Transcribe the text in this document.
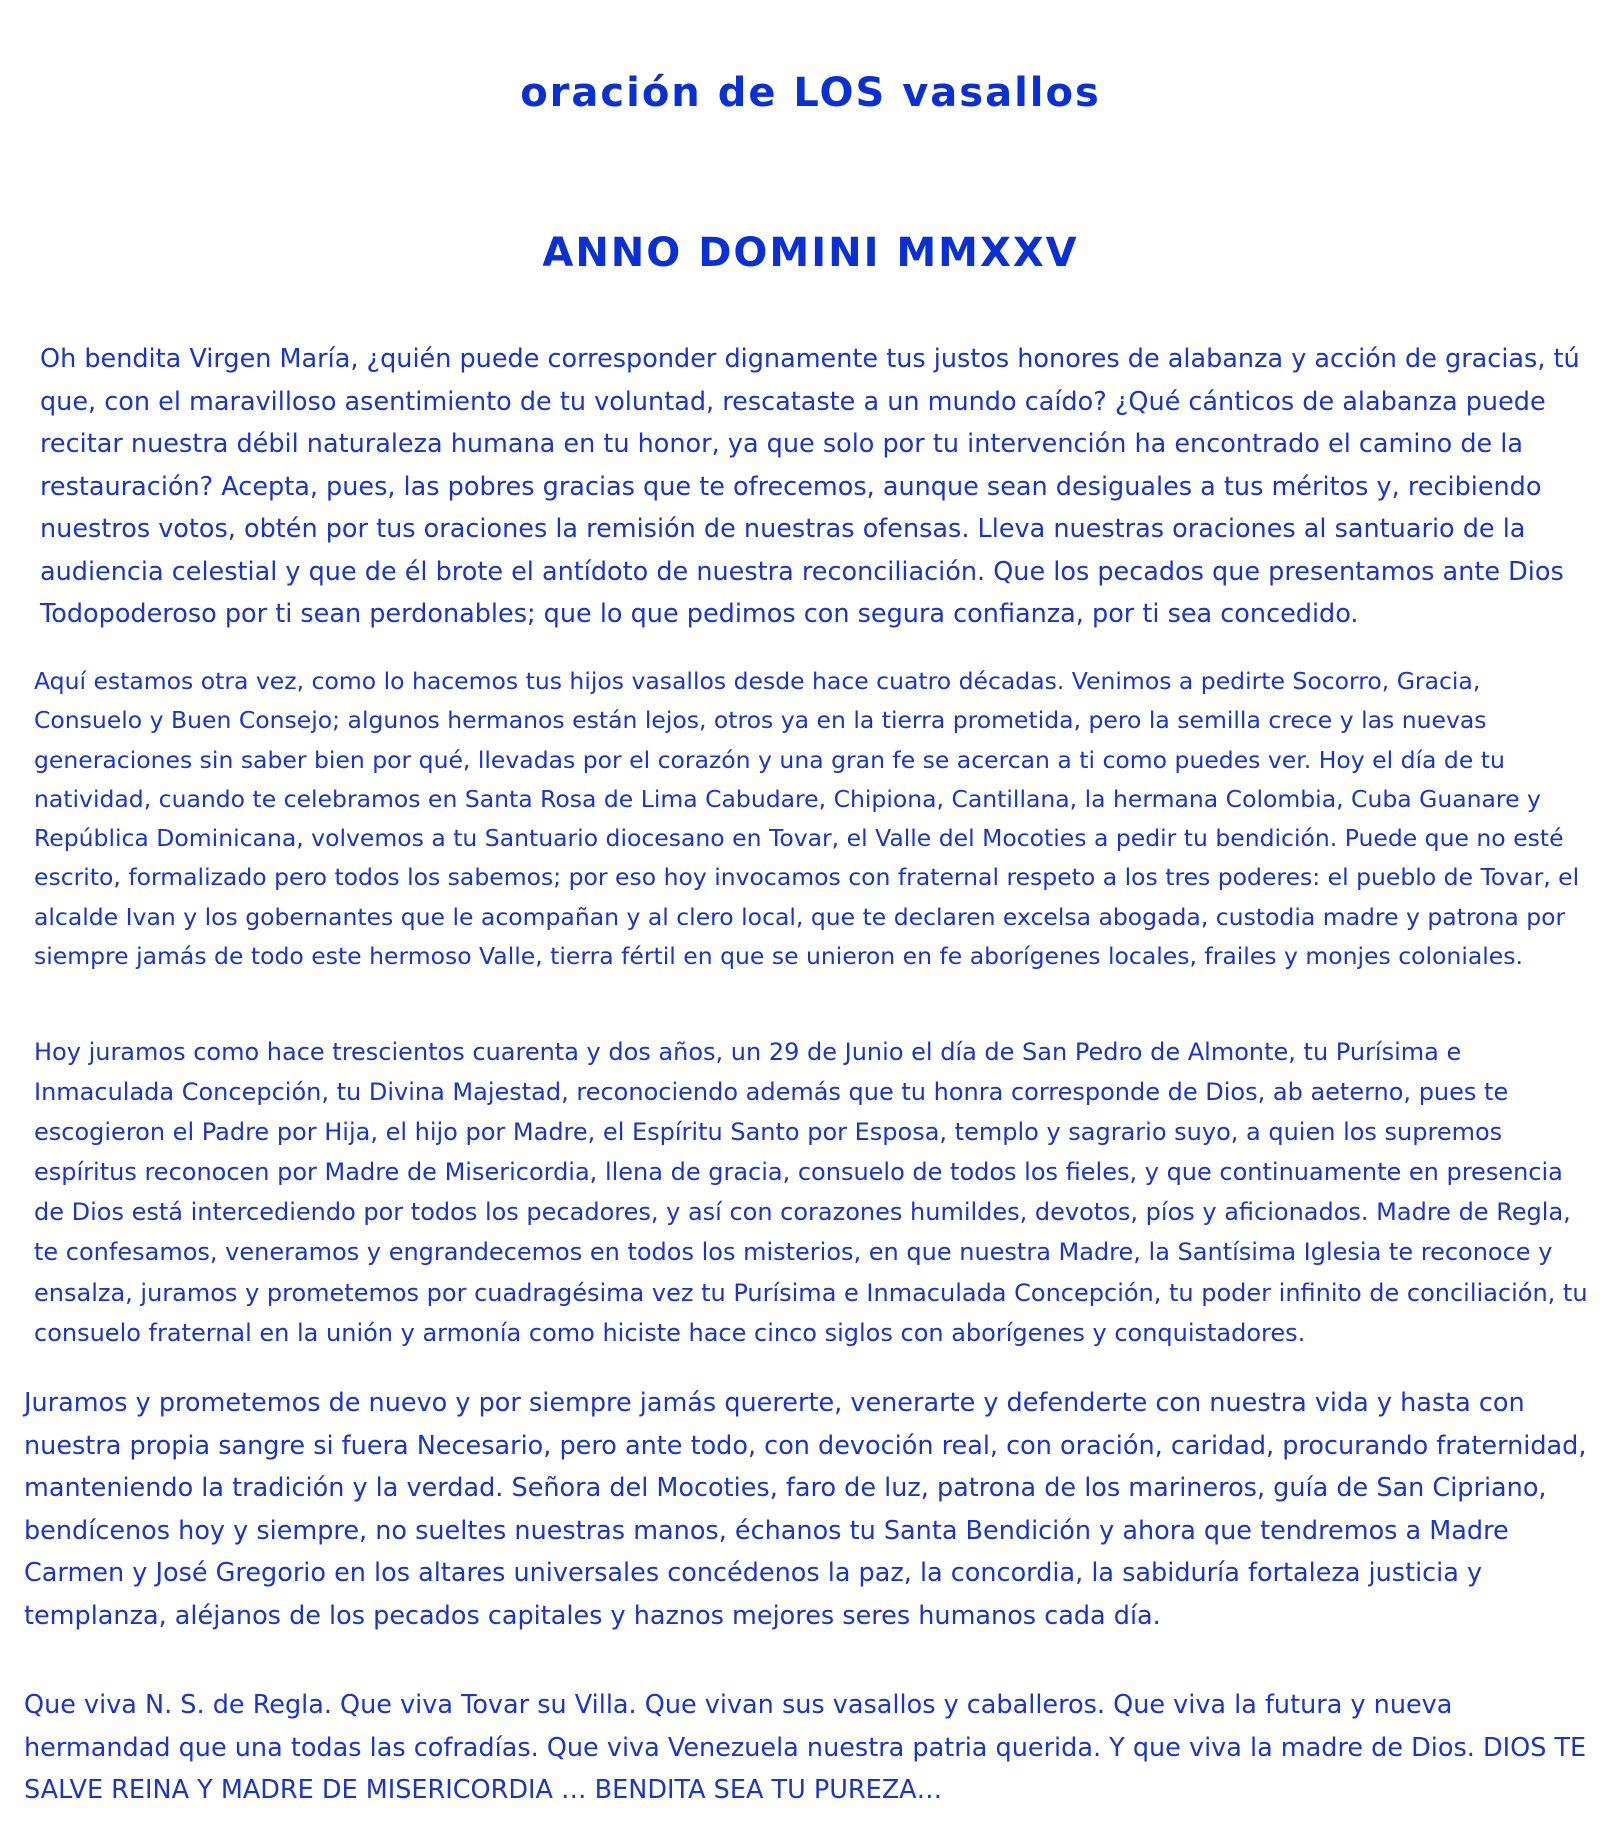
oración de LOS vasallos
ANNO DOMINI MMXXV

Oh bendita Virgen María, ¿quién puede corresponder dignamente tus justos honores de alabanza y acción de gracias, tú que, con el maravilloso asentimiento de tu voluntad, rescataste a un mundo caído? ¿Qué cánticos de alabanza puede recitar nuestra débil naturaleza humana en tu honor, ya que solo por tu intervención ha encontrado el camino de la restauración? Acepta, pues, las pobres gracias que te ofrecemos, aunque sean desiguales a tus méritos y, recibiendo nuestros votos, obtén por tus oraciones la remisión de nuestras ofensas. Lleva nuestras oraciones al santuario de la audiencia celestial y que de él brote el antídoto de nuestra reconciliación. Que los pecados que presentamos ante Dios Todopoderoso por ti sean perdonables; que lo que pedimos con segura confianza, por ti sea concedido.

Aquí estamos otra vez, como lo hacemos tus hijos vasallos desde hace cuatro décadas. Venimos a pedirte Socorro, Gracia, Consuelo y Buen Consejo; algunos hermanos están lejos, otros ya en la tierra prometida, pero la semilla crece y las nuevas generaciones sin saber bien por qué, llevadas por el corazón y una gran fe se acercan a ti como puedes ver. Hoy el día de tu natividad, cuando te celebramos en Santa Rosa de Lima Cabudare, Chipiona, Cantillana, la hermana Colombia, Cuba Guanare y República Dominicana, volvemos a tu Santuario diocesano en Tovar, el Valle del Mocoties a pedir tu bendición. Puede que no esté escrito, formalizado pero todos los sabemos; por eso hoy invocamos con fraternal respeto a los tres poderes: el pueblo de Tovar, el alcalde Ivan y los gobernantes que le acompañan y al clero local, que te declaren excelsa abogada, custodia madre y patrona por siempre jamás de todo este hermoso Valle, tierra fértil en que se unieron en fe aborígenes locales, frailes y monjes coloniales.

Hoy juramos como hace trescientos cuarenta y dos años, un 29 de Junio el día de San Pedro de Almonte, tu Purísima e Inmaculada Concepción, tu Divina Majestad, reconociendo además que tu honra corresponde de Dios, ab aeterno, pues te escogieron el Padre por Hija, el hijo por Madre, el Espíritu Santo por Esposa, templo y sagrario suyo, a quien los supremos espíritus reconocen por Madre de Misericordia, llena de gracia, consuelo de todos los fieles, y que continuamente en presencia de Dios está intercediendo por todos los pecadores, y así con corazones humildes, devotos, píos y aficionados. Madre de Regla, te confesamos, veneramos y engrandecemos en todos los misterios, en que nuestra Madre, la Santísima Iglesia te reconoce y ensalza, juramos y prometemos por cuadragésima vez tu Purísima e Inmaculada Concepción, tu poder infinito de conciliación, tu consuelo fraternal en la unión y armonía como hiciste hace cinco siglos con aborígenes y conquistadores.

Juramos y prometemos de nuevo y por siempre jamás quererte, venerarte y defenderte con nuestra vida y hasta con nuestra propia sangre si fuera Necesario, pero ante todo, con devoción real, con oración, caridad, procurando fraternidad, manteniendo la tradición y la verdad. Señora del Mocoties, faro de luz, patrona de los marineros, guía de San Cipriano, bendícenos hoy y siempre, no sueltes nuestras manos, échanos tu Santa Bendición y ahora que tendremos a Madre Carmen y José Gregorio en los altares universales concédenos la paz, la concordia, la sabiduría fortaleza justicia y templanza, aléjanos de los pecados capitales y haznos mejores seres humanos cada día.

Que viva N. S. de Regla. Que viva Tovar su Villa. Que vivan sus vasallos y caballeros. Que viva la futura y nueva hermandad que una todas las cofradías. Que viva Venezuela nuestra patria querida. Y que viva la madre de Dios. DIOS TE SALVE REINA Y MADRE DE MISERICORDIA … BENDITA SEA TU PUREZA…
